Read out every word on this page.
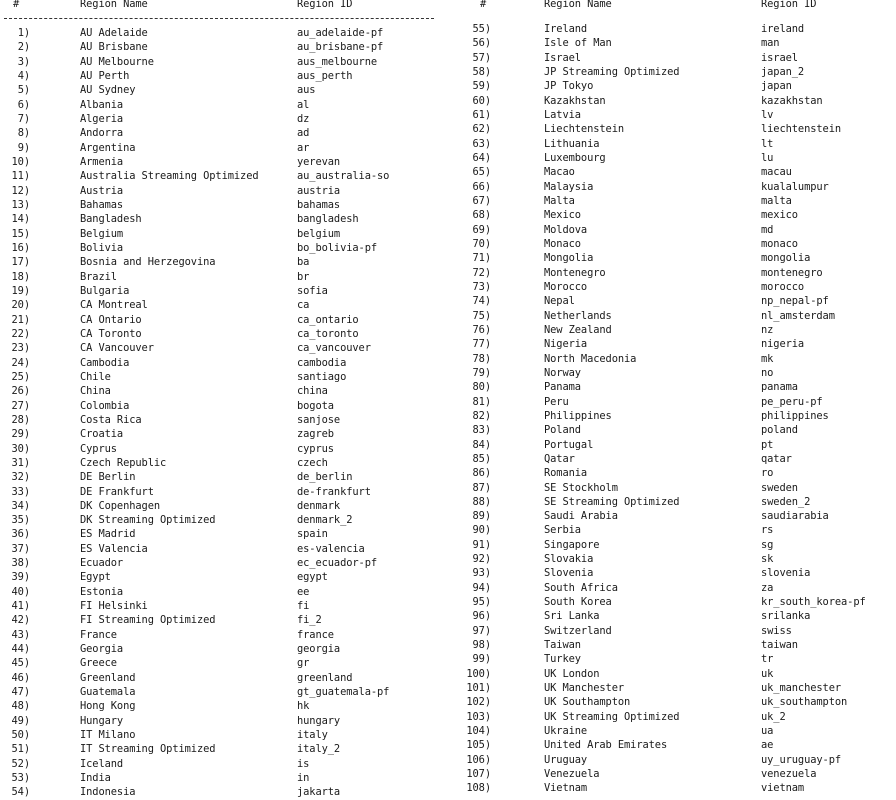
#	Region Name	Region ID
1)	AU Adelaide	au_adelaide-pf
2)	AU Brisbane	au_brisbane-pf
3)	AU Melbourne	aus_melbourne
4)	AU Perth	aus_perth
5)	AU Sydney	aus
6)	Albania	al
7)	Algeria	dz
8)	Andorra	ad
9)	Argentina	ar
10)	Armenia	yerevan
11)	Australia Streaming Optimized	au_australia-so
12)	Austria	austria
13)	Bahamas	bahamas
14)	Bangladesh	bangladesh
15)	Belgium	belgium
16)	Bolivia	bo_bolivia-pf
17)	Bosnia and Herzegovina	ba
18)	Brazil	br
19)	Bulgaria	sofia
20)	CA Montreal	ca
21)	CA Ontario	ca_ontario
22)	CA Toronto	ca_toronto
23)	CA Vancouver	ca_vancouver
24)	Cambodia	cambodia
25)	Chile	santiago
26)	China	china
27)	Colombia	bogota
28)	Costa Rica	sanjose
29)	Croatia	zagreb
30)	Cyprus	cyprus
31)	Czech Republic	czech
32)	DE Berlin	de_berlin
33)	DE Frankfurt	de-frankfurt
34)	DK Copenhagen	denmark
35)	DK Streaming Optimized	denmark_2
36)	ES Madrid	spain
37)	ES Valencia	es-valencia
38)	Ecuador	ec_ecuador-pf
39)	Egypt	egypt
40)	Estonia	ee
41)	FI Helsinki	fi
42)	FI Streaming Optimized	fi_2
43)	France	france
44)	Georgia	georgia
45)	Greece	gr
46)	Greenland	greenland
47)	Guatemala	gt_guatemala-pf
48)	Hong Kong	hk
49)	Hungary	hungary
50)	IT Milano	italy
51)	IT Streaming Optimized	italy_2
52)	Iceland	is
53)	India	in
54)	Indonesia	jakarta
#	Region Name	Region ID
55)	Ireland	ireland
56)	Isle of Man	man
57)	Israel	israel
58)	JP Streaming Optimized	japan_2
59)	JP Tokyo	japan
60)	Kazakhstan	kazakhstan
61)	Latvia	lv
62)	Liechtenstein	liechtenstein
63)	Lithuania	lt
64)	Luxembourg	lu
65)	Macao	macau
66)	Malaysia	kualalumpur
67)	Malta	malta
68)	Mexico	mexico
69)	Moldova	md
70)	Monaco	monaco
71)	Mongolia	mongolia
72)	Montenegro	montenegro
73)	Morocco	morocco
74)	Nepal	np_nepal-pf
75)	Netherlands	nl_amsterdam
76)	New Zealand	nz
77)	Nigeria	nigeria
78)	North Macedonia	mk
79)	Norway	no
80)	Panama	panama
81)	Peru	pe_peru-pf
82)	Philippines	philippines
83)	Poland	poland
84)	Portugal	pt
85)	Qatar	qatar
86)	Romania	ro
87)	SE Stockholm	sweden
88)	SE Streaming Optimized	sweden_2
89)	Saudi Arabia	saudiarabia
90)	Serbia	rs
91)	Singapore	sg
92)	Slovakia	sk
93)	Slovenia	slovenia
94)	South Africa	za
95)	South Korea	kr_south_korea-pf
96)	Sri Lanka	srilanka
97)	Switzerland	swiss
98)	Taiwan	taiwan
99)	Turkey	tr
100)	UK London	uk
101)	UK Manchester	uk_manchester
102)	UK Southampton	uk_southampton
103)	UK Streaming Optimized	uk_2
104)	Ukraine	ua
105)	United Arab Emirates	ae
106)	Uruguay	uy_uruguay-pf
107)	Venezuela	venezuela
108)	Vietnam	vietnam
